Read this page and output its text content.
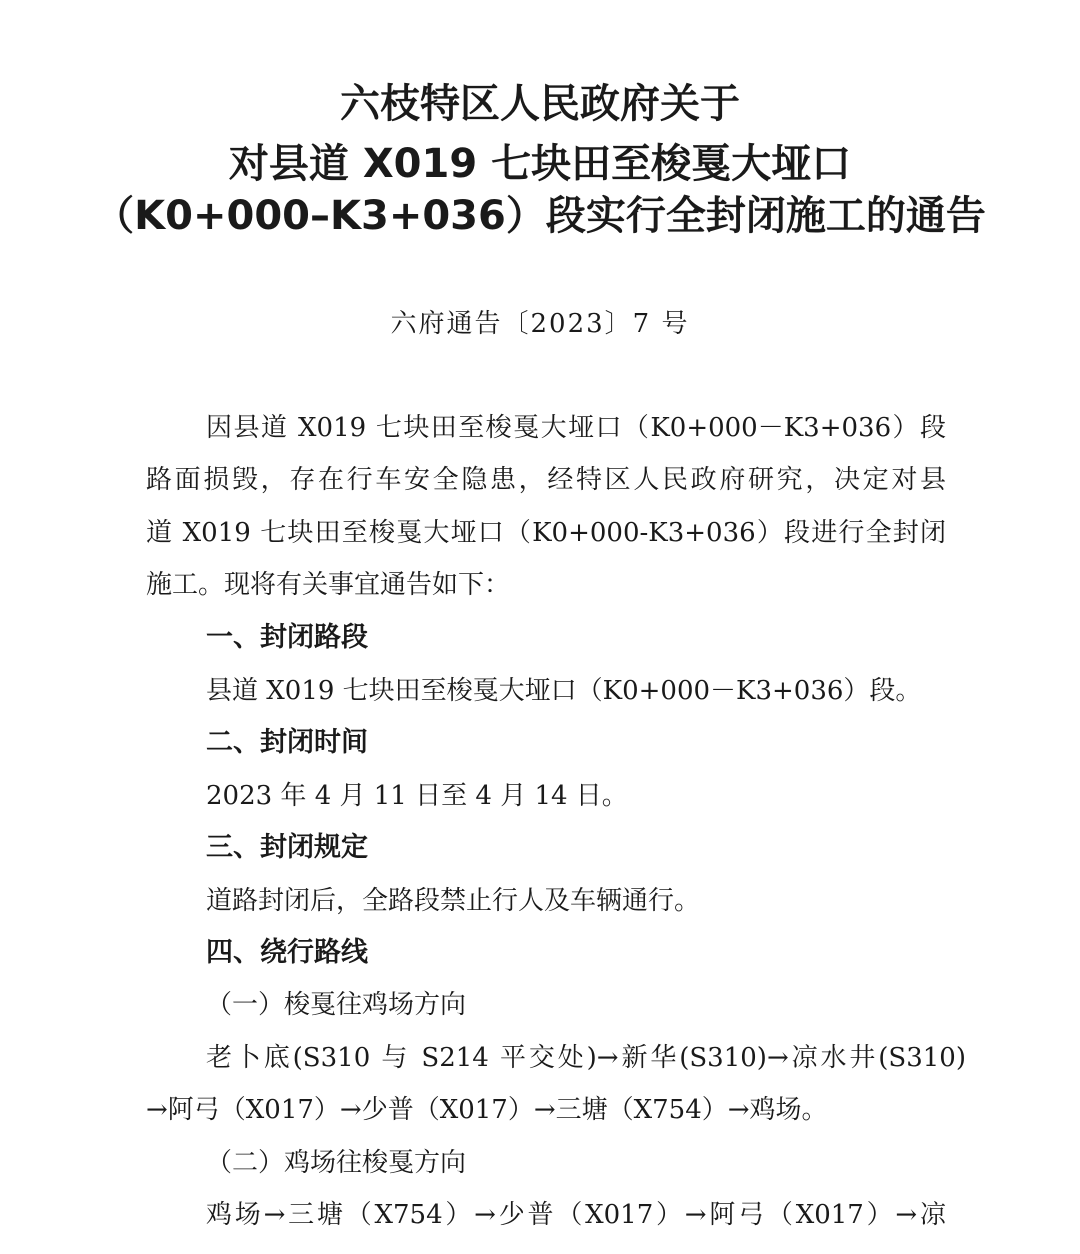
六枝特区人民政府关于
对县道 X019 七块田至梭戛大垭口
（K0+000–K3+036）段实行全封闭施工的通告
六府通告〔2023〕7 号
因县道 X019 七块田至梭戛大垭口（K0+000－K3+036）段
路面损毁，存在行车安全隐患，经特区人民政府研究，决定对县
道 X019 七块田至梭戛大垭口（K0+000-K3+036）段进行全封闭
施工。现将有关事宜通告如下：
一、封闭路段
县道 X019 七块田至梭戛大垭口（K0+000－K3+036）段。
二、封闭时间
2023 年 4 月 11 日至 4 月 14 日。
三、封闭规定
道路封闭后，全路段禁止行人及车辆通行。
四、绕行路线
（一）梭戛往鸡场方向
老卜底(S310 与 S214 平交处)→新华(S310)→凉水井(S310)
→阿弓（X017）→少普（X017）→三塘（X754）→鸡场。
（二）鸡场往梭戛方向
鸡场→三塘（X754）→少普（X017）→阿弓（X017）→凉
